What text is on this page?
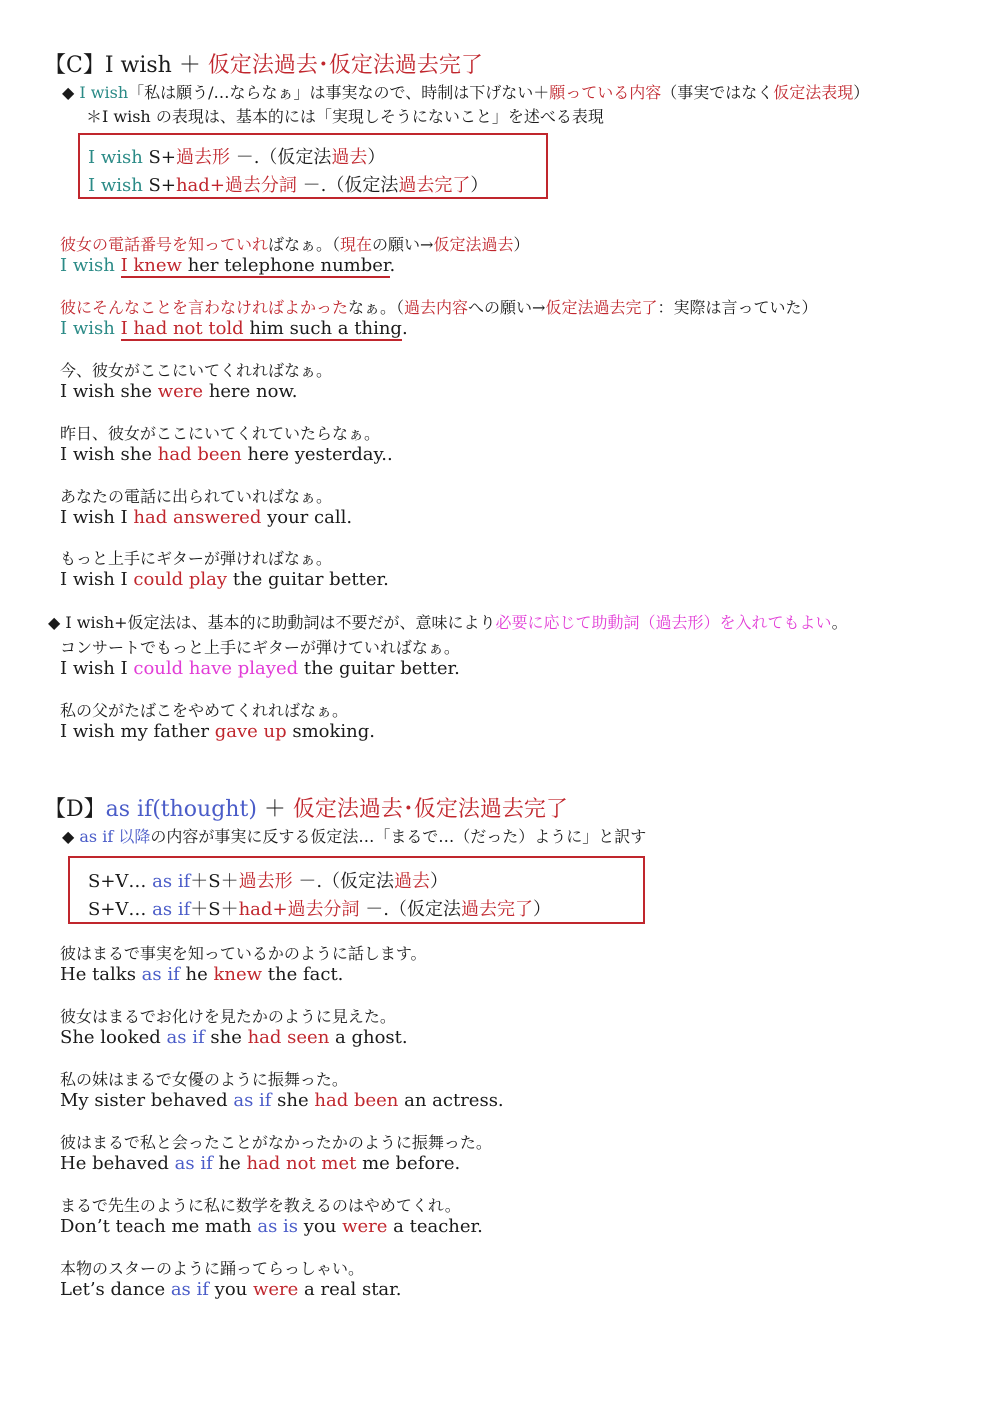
【C】I wish ＋ 仮定法過去･仮定法過去完了
◆ I wish「私は願う/…ならなぁ」は事実なので、時制は下げない＋願っている内容（事実ではなく仮定法表現）
＊I wish の表現は、基本的には「実現しそうにないこと」を述べる表現
I wish S+過去形 －.（仮定法過去）
I wish S+had+過去分詞 －.（仮定法過去完了）
彼女の電話番号を知っていればなぁ。（現在の願い→仮定法過去）
I wish I knew her telephone number.
彼にそんなことを言わなければよかったなぁ。（過去内容への願い→仮定法過去完了：実際は言っていた）
I wish I had not told him such a thing.
今、彼女がここにいてくれればなぁ。
I wish she were here now.
昨日、彼女がここにいてくれていたらなぁ。
I wish she had been here yesterday..
あなたの電話に出られていればなぁ。
I wish I had answered your call.
もっと上手にギターが弾ければなぁ。
I wish I could play the guitar better.
◆ I wish+仮定法は、基本的に助動詞は不要だが、意味により必要に応じて助動詞（過去形）を入れてもよい。
コンサートでもっと上手にギターが弾けていればなぁ。
I wish I could have played the guitar better.
私の父がたばこをやめてくれればなぁ。
I wish my father gave up smoking.
【D】as if(thought) ＋ 仮定法過去･仮定法過去完了
◆ as if 以降の内容が事実に反する仮定法…「まるで…（だった）ように」と訳す
S+V… as if＋S＋過去形 －.（仮定法過去）
S+V… as if＋S＋had+過去分詞 －.（仮定法過去完了）
彼はまるで事実を知っているかのように話します。
He talks as if he knew the fact.
彼女はまるでお化けを見たかのように見えた。
She looked as if she had seen a ghost.
私の妹はまるで女優のように振舞った。
My sister behaved as if she had been an actress.
彼はまるで私と会ったことがなかったかのように振舞った。
He behaved as if he had not met me before.
まるで先生のように私に数学を教えるのはやめてくれ。
Don’t teach me math as is you were a teacher.
本物のスターのように踊ってらっしゃい。
Let’s dance as if you were a real star.
